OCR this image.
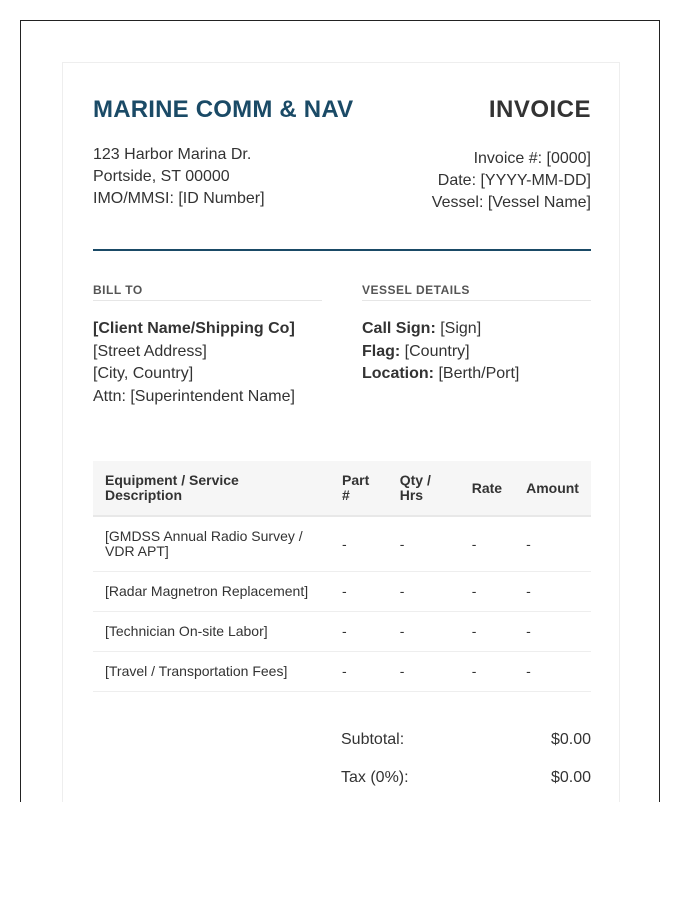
MARINE COMM & NAV	INVOICE
123 Harbor Marina Dr.
Portside, ST 00000
IMO/MMSI: [ID Number]
Invoice #: [0000]
Date: [YYYY-MM-DD]
Vessel: [Vessel Name]
BILL TO
[Client Name/Shipping Co]
[Street Address]
[City, Country]
Attn: [Superintendent Name]
VESSEL DETAILS
Call Sign: [Sign]
Flag: [Country]
Location: [Berth/Port]
Equipment / Service Description	Part #	Qty / Hrs	Rate	Amount
[GMDSS Annual Radio Survey / VDR APT]	-	-	-	-
[Radar Magnetron Replacement]	-	-	-	-
[Technician On-site Labor]	-	-	-	-
[Travel / Transportation Fees]	-	-	-	-
Subtotal:	$0.00
Tax (0%):	$0.00
